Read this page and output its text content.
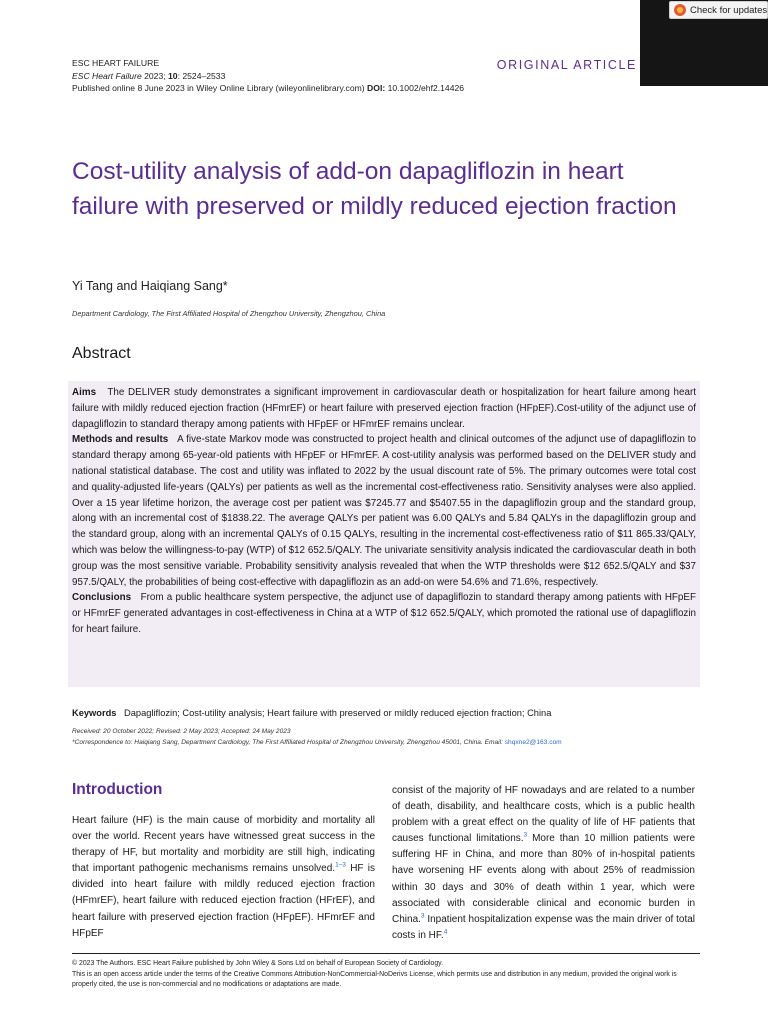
Check for updates
ESC HEART FAILURE
ESC Heart Failure 2023; 10: 2524–2533
Published online 8 June 2023 in Wiley Online Library (wileyonlinelibrary.com) DOI: 10.1002/ehf2.14426
ORIGINAL ARTICLE
Cost-utility analysis of add-on dapagliflozin in heart failure with preserved or mildly reduced ejection fraction
Yi Tang and Haiqiang Sang*
Department Cardiology, The First Affiliated Hospital of Zhengzhou University, Zhengzhou, China
Abstract

Aims The DELIVER study demonstrates a significant improvement in cardiovascular death or hospitalization for heart failure among heart failure with mildly reduced ejection fraction (HFmrEF) or heart failure with preserved ejection fraction (HFpEF).Cost-utility of the adjunct use of dapagliflozin to standard therapy among patients with HFpEF or HFmrEF remains unclear.

Methods and results A five-state Markov mode was constructed to project health and clinical outcomes of the adjunct use of dapagliflozin to standard therapy among 65-year-old patients with HFpEF or HFmrEF. A cost-utility analysis was performed based on the DELIVER study and national statistical database. The cost and utility was inflated to 2022 by the usual discount rate of 5%. The primary outcomes were total cost and quality-adjusted life-years (QALYs) per patients as well as the incremental cost-effectiveness ratio. Sensitivity analyses were also applied. Over a 15 year lifetime horizon, the average cost per patient was $7245.77 and $5407.55 in the dapagliflozin group and the standard group, along with an incremental cost of $1838.22. The average QALYs per patient was 6.00 QALYs and 5.84 QALYs in the dapagliflozin group and the standard group, along with an incremental QALYs of 0.15 QALYs, resulting in the incremental cost-effectiveness ratio of $11 865.33/QALY, which was below the willingness-to-pay (WTP) of $12 652.5/QALY. The univariate sensitivity analysis indicated the cardiovascular death in both group was the most sensitive variable. Probability sensitivity analysis revealed that when the WTP thresholds were $12 652.5/QALY and $37 957.5/QALY, the probabilities of being cost-effective with dapagliflozin as an add-on were 54.6% and 71.6%, respectively.

Conclusions From a public healthcare system perspective, the adjunct use of dapagliflozin to standard therapy among patients with HFpEF or HFmrEF generated advantages in cost-effectiveness in China at a WTP of $12 652.5/QALY, which promoted the rational use of dapagliflozin for heart failure.

Keywords Dapagliflozin; Cost-utility analysis; Heart failure with preserved or mildly reduced ejection fraction; China
Received: 20 October 2022; Revised: 2 May 2023; Accepted: 24 May 2023
*Correspondence to: Haiqiang Sang, Department Cardiology, The First Affiliated Hospital of Zhengzhou University, Zhengzhou 45001, China. Email: shqxne2@163.com
Introduction

Heart failure (HF) is the main cause of morbidity and mortality all over the world. Recent years have witnessed great success in the therapy of HF, but mortality and morbidity are still high, indicating that important pathogenic mechanisms remains unsolved.$^{1-3}$ HF is divided into heart failure with mildly reduced ejection fraction (HFmrEF), heart failure with reduced ejection fraction (HFrEF), and heart failure with preserved ejection fraction (HFpEF). HFmrEF and HFpEF

consist of the majority of HF nowadays and are related to a number of death, disability, and healthcare costs, which is a public health problem with a great effect on the quality of life of HF patients that causes functional limitations.$^3$ More than 10 million patients were suffering HF in China, and more than 80% of in-hospital patients have worsening HF events along with about 25% of readmission within 30 days and 30% of death within 1 year, which were associated with considerable clinical and economic burden in China.$^3$ Inpatient hospitalization expense was the main driver of total costs in HF.$^4$

© 2023 The Authors. ESC Heart Failure published by John Wiley & Sons Ltd on behalf of European Society of Cardiology.
This is an open access article under the terms of the Creative Commons Attribution-NonCommercial-NoDerivs License, which permits use and distribution in any medium, provided the original work is properly cited, the use is non-commercial and no modifications or adaptations are made.
